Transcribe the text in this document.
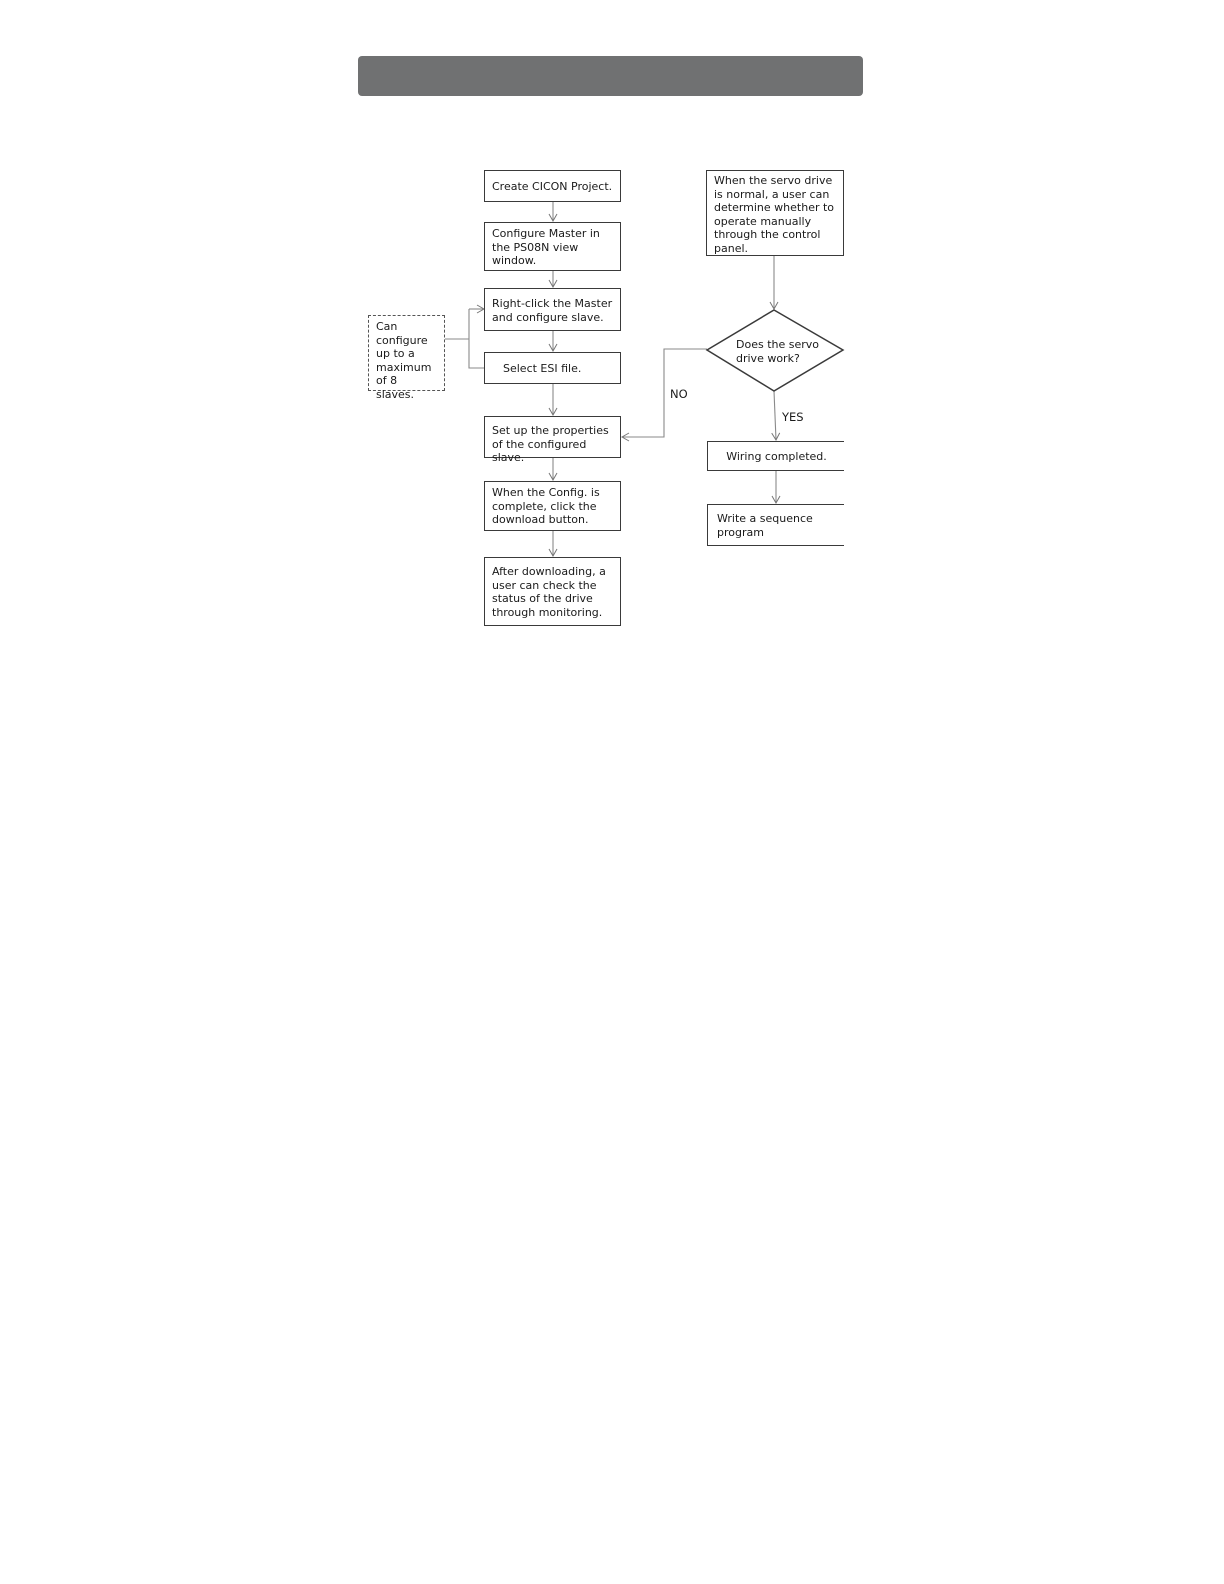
Create CICON Project.
Configure Master in
the PS08N view
window.
Right-click the Master
and configure slave.
Select ESI file.
Can
configure
up to a
maximum
of 8 slaves.
Set up the properties
of the configured slave.
When the Config. is
complete, click the
download button.
After downloading, a
user can check the
status of the drive
through monitoring.
When the servo drive
is normal, a user can
determine whether to
operate manually
through the control
panel.
Does the servo
drive work?
NO
YES
Wiring completed.
Write a sequence
program
